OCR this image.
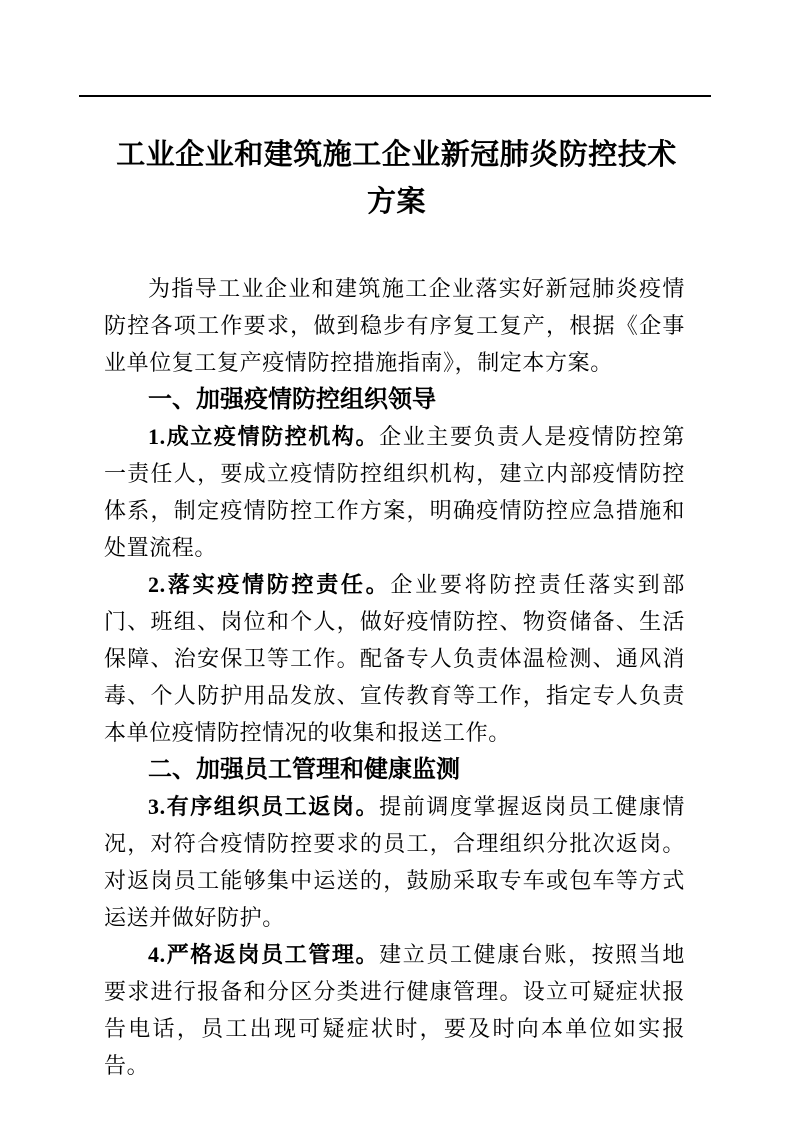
工业企业和建筑施工企业新冠肺炎防控技术方案

为指导工业企业和建筑施工企业落实好新冠肺炎疫情防控各项工作要求，做到稳步有序复工复产，根据《企事业单位复工复产疫情防控措施指南》，制定本方案。

一、加强疫情防控组织领导

1.成立疫情防控机构。企业主要负责人是疫情防控第一责任人，要成立疫情防控组织机构，建立内部疫情防控体系，制定疫情防控工作方案，明确疫情防控应急措施和处置流程。

2.落实疫情防控责任。企业要将防控责任落实到部门、班组、岗位和个人，做好疫情防控、物资储备、生活保障、治安保卫等工作。配备专人负责体温检测、通风消毒、个人防护用品发放、宣传教育等工作，指定专人负责本单位疫情防控情况的收集和报送工作。

二、加强员工管理和健康监测

3.有序组织员工返岗。提前调度掌握返岗员工健康情况，对符合疫情防控要求的员工，合理组织分批次返岗。对返岗员工能够集中运送的，鼓励采取专车或包车等方式运送并做好防护。

4.严格返岗员工管理。建立员工健康台账，按照当地要求进行报备和分区分类进行健康管理。设立可疑症状报告电话，员工出现可疑症状时，要及时向本单位如实报告。
